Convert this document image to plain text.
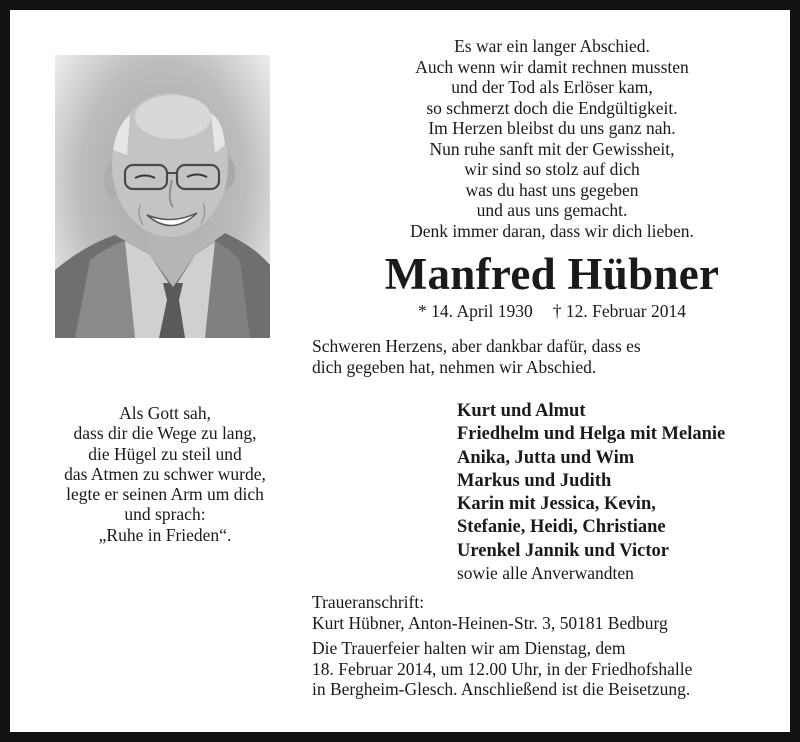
Es war ein langer Abschied.
Auch wenn wir damit rechnen mussten
und der Tod als Erlöser kam,
so schmerzt doch die Endgültigkeit.
Im Herzen bleibst du uns ganz nah.
Nun ruhe sanft mit der Gewissheit,
wir sind so stolz auf dich
was du hast uns gegeben
und aus uns gemacht.
Denk immer daran, dass wir dich lieben.
Manfred Hübner
* 14. April 1930 † 12. Februar 2014
Schweren Herzens, aber dankbar dafür, dass es
dich gegeben hat, nehmen wir Abschied.
Als Gott sah,
dass dir die Wege zu lang,
die Hügel zu steil und
das Atmen zu schwer wurde,
legte er seinen Arm um dich
und sprach:
„Ruhe in Frieden“.
Kurt und Almut
Friedhelm und Helga mit Melanie
Anika, Jutta und Wim
Markus und Judith
Karin mit Jessica, Kevin,
Stefanie, Heidi, Christiane
Urenkel Jannik und Victor
sowie alle Anverwandten
Traueranschrift:
Kurt Hübner, Anton-Heinen-Str. 3, 50181 Bedburg
Die Trauerfeier halten wir am Dienstag, dem
18. Februar 2014, um 12.00 Uhr, in der Friedhofshalle
in Bergheim-Glesch. Anschließend ist die Beisetzung.
